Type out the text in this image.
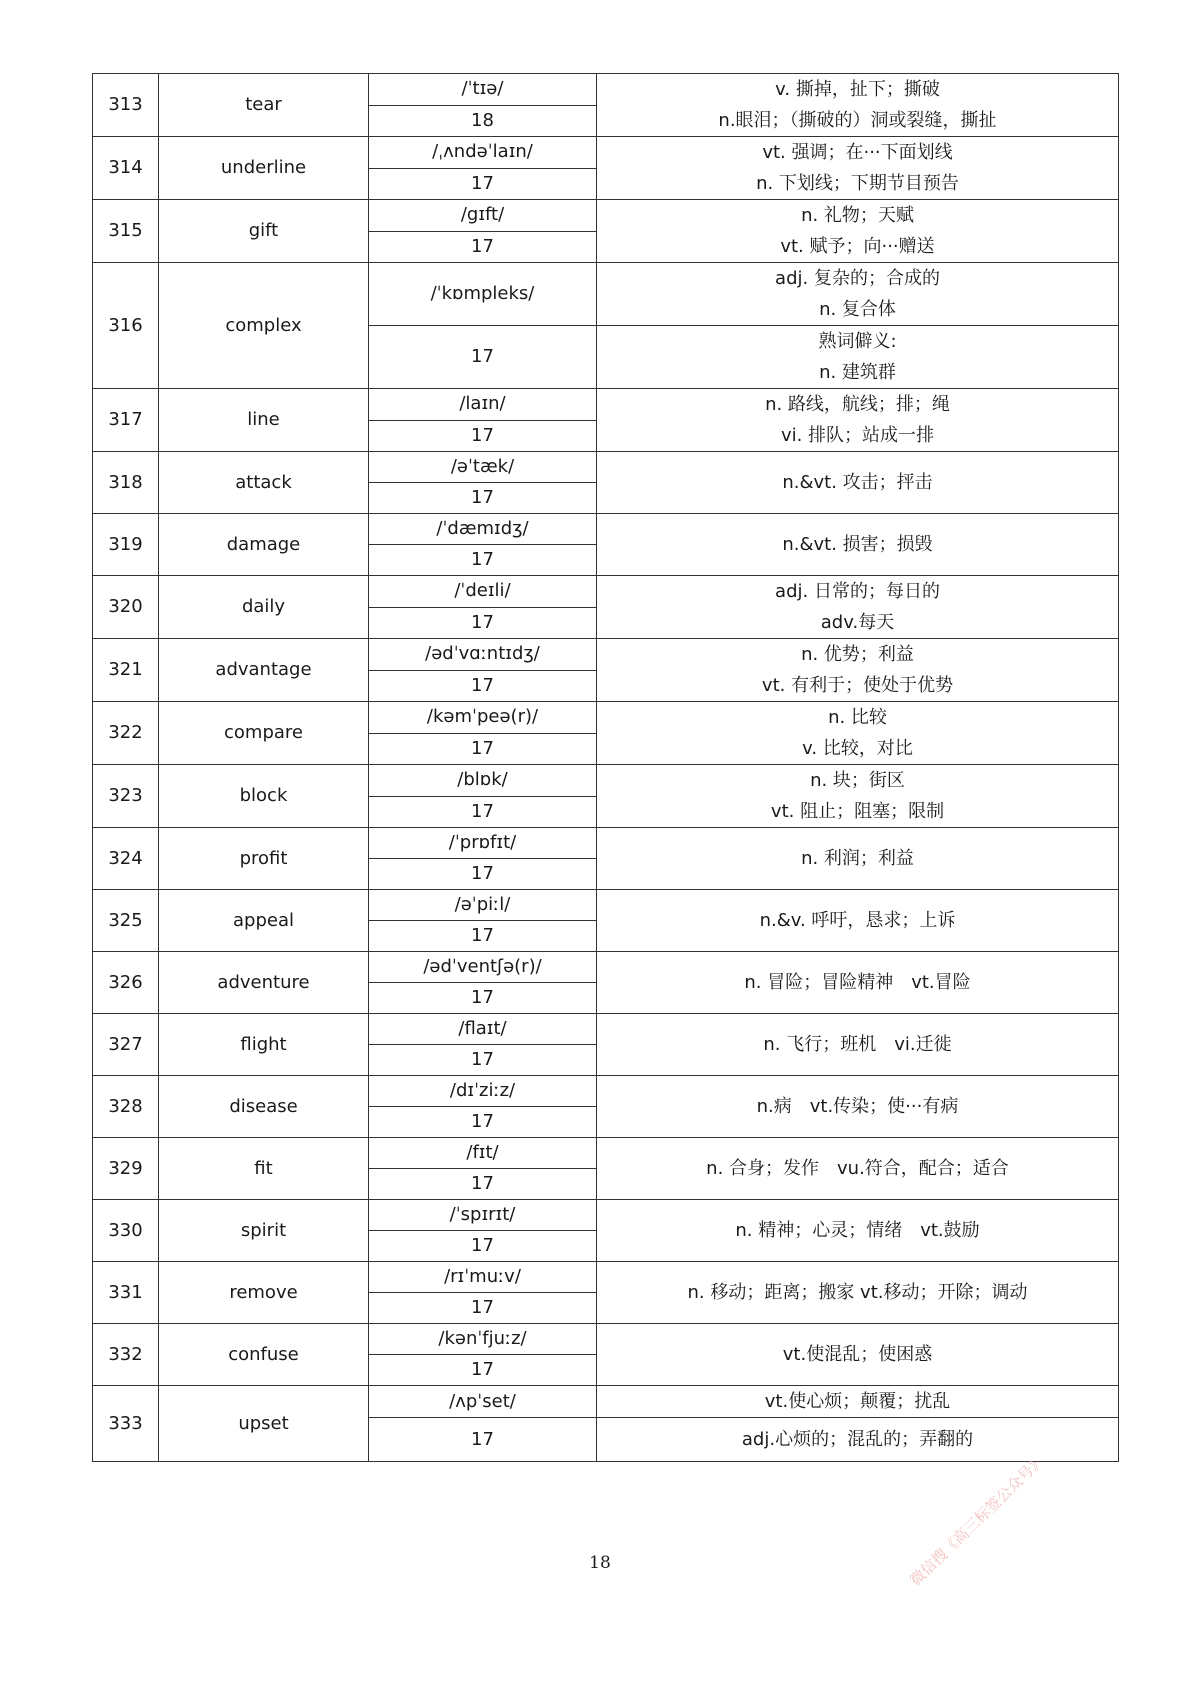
313	tear	/ˈtɪə/	v. 撕掉，扯下；撕破
n.眼泪；（撕破的）洞或裂缝，撕扯

		18	
314	underline	/ˌʌndəˈlaɪn/	vt. 强调；在···下面划线
n. 下划线；下期节目预告

		17	
315	gift	/gɪft/	n. 礼物；天赋
vt. 赋予；向···赠送

		17	
316	complex	/ˈkɒmpleks/	adj. 复杂的；合成的
n. 复合体

		17	熟词僻义:
n. 建筑群

317	line	/laɪn/	n. 路线，航线；排；绳
vi. 排队；站成一排

		17	
318	attack	/əˈtæk/	n.&vt. 攻击；抨击

		17	
319	damage	/ˈdæmɪdʒ/	n.&vt. 损害；损毁

		17	
320	daily	/ˈdeɪli/	adj. 日常的；每日的
adv.每天

		17	
321	advantage	/ədˈvɑːntɪdʒ/	n. 优势；利益
vt. 有利于；使处于优势

		17	
322	compare	/kəmˈpeə(r)/	n. 比较
v. 比较，对比

		17	
323	block	/blɒk/	n. 块；街区
vt. 阻止；阻塞；限制

		17	
324	profit	/ˈprɒfɪt/	n. 利润；利益

		17	
325	appeal	/əˈpiːl/	n.&v. 呼吁，恳求；上诉

		17	
326	adventure	/ədˈventʃə(r)/	n. 冒险；冒险精神　vt.冒险

		17	
327	flight	/flaɪt/	n. 飞行；班机　vi.迁徙

		17	
328	disease	/dɪˈziːz/	n.病　vt.传染；使···有病

		17	
329	fit	/fɪt/	n. 合身；发作　vu.符合，配合；适合

		17	
330	spirit	/ˈspɪrɪt/	n. 精神；心灵；情绪　vt.鼓励

		17	
331	remove	/rɪˈmuːv/	n. 移动；距离；搬家 vt.移动；开除；调动

		17	
332	confuse	/kənˈfjuːz/	vt.使混乱；使困惑

		17	
333	upset	/ʌpˈset/	vt.使心烦；颠覆；扰乱

		17	adj.心烦的；混乱的；弄翻的
18	微信搜《高三标签公众号》
